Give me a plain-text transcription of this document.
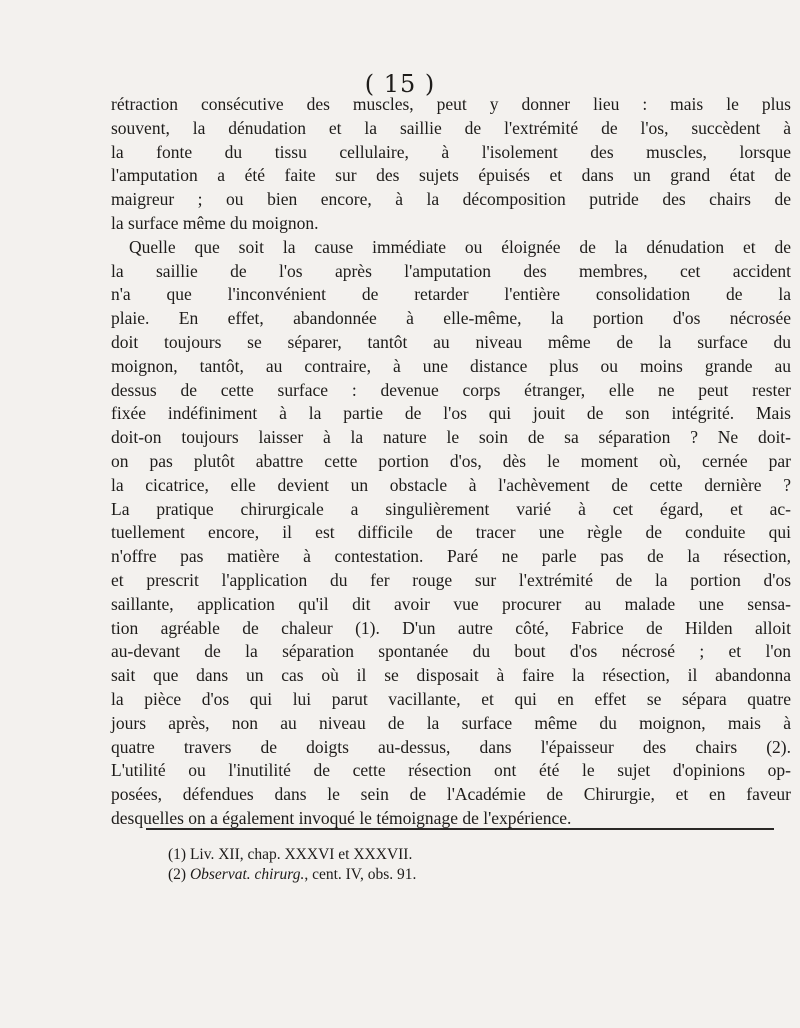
( 15 )
rétraction consécutive des muscles, peut y donner lieu : mais le plus
souvent, la dénudation et la saillie de l'extrémité de l'os, succèdent à
la fonte du tissu cellulaire, à l'isolement des muscles, lorsque
l'amputation a été faite sur des sujets épuisés et dans un grand état de
maigreur ; ou bien encore, à la décomposition putride des chairs de
la surface même du moignon.
Quelle que soit la cause immédiate ou éloignée de la dénudation et de
la saillie de l'os après l'amputation des membres, cet accident
n'a que l'inconvénient de retarder l'entière consolidation de la
plaie. En effet, abandonnée à elle-même, la portion d'os nécrosée
doit toujours se séparer, tantôt au niveau même de la surface du
moignon, tantôt, au contraire, à une distance plus ou moins grande au
dessus de cette surface : devenue corps étranger, elle ne peut rester
fixée indéfiniment à la partie de l'os qui jouit de son intégrité. Mais
doit-on toujours laisser à la nature le soin de sa séparation ? Ne doit-
on pas plutôt abattre cette portion d'os, dès le moment où, cernée par
la cicatrice, elle devient un obstacle à l'achèvement de cette dernière ?
La pratique chirurgicale a singulièrement varié à cet égard, et ac-
tuellement encore, il est difficile de tracer une règle de conduite qui
n'offre pas matière à contestation. Paré ne parle pas de la résection,
et prescrit l'application du fer rouge sur l'extrémité de la portion d'os
saillante, application qu'il dit avoir vue procurer au malade une sensa-
tion agréable de chaleur (1). D'un autre côté, Fabrice de Hilden alloit
au-devant de la séparation spontanée du bout d'os nécrosé ; et l'on
sait que dans un cas où il se disposait à faire la résection, il abandonna
la pièce d'os qui lui parut vacillante, et qui en effet se sépara quatre
jours après, non au niveau de la surface même du moignon, mais à
quatre travers de doigts au-dessus, dans l'épaisseur des chairs (2).
L'utilité ou l'inutilité de cette résection ont été le sujet d'opinions op-
posées, défendues dans le sein de l'Académie de Chirurgie, et en faveur
desquelles on a également invoqué le témoignage de l'expérience.
(1) Liv. XII, chap. XXXVI et XXXVII.
(2) Observat. chirurg., cent. IV, obs. 91.
